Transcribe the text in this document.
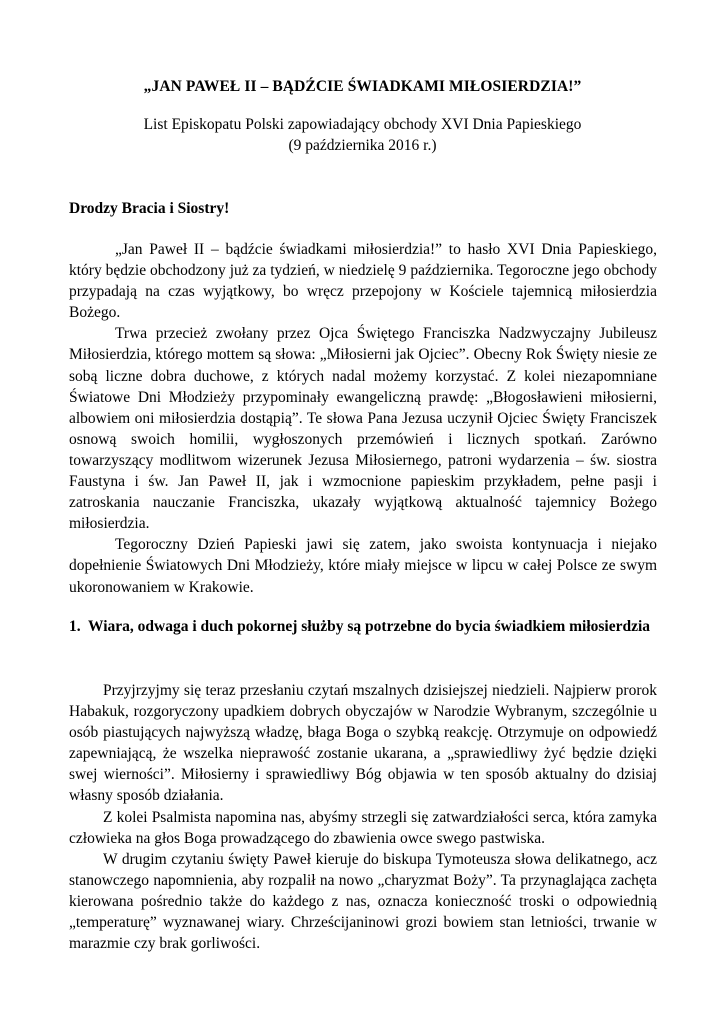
„JAN PAWEŁ II – BĄDŹCIE ŚWIADKAMI MIŁOSIERDZIA!”
List Episkopatu Polski zapowiadający obchody XVI Dnia Papieskiego
(9 października 2016 r.)
Drodzy Bracia i Siostry!

„Jan Paweł II – bądźcie świadkami miłosierdzia!” to hasło XVI Dnia Papieskiego, który będzie obchodzony już za tydzień, w niedzielę 9 października. Tegoroczne jego obchody przypadają na czas wyjątkowy, bo wręcz przepojony w Kościele tajemnicą miłosierdzia Bożego.

Trwa przecież zwołany przez Ojca Świętego Franciszka Nadzwyczajny Jubileusz Miłosierdzia, którego mottem są słowa: „Miłosierni jak Ojciec”. Obecny Rok Święty niesie ze sobą liczne dobra duchowe, z których nadal możemy korzystać. Z kolei niezapomniane Światowe Dni Młodzieży przypominały ewangeliczną prawdę: „Błogosławieni miłosierni, albowiem oni miłosierdzia dostąpią”. Te słowa Pana Jezusa uczynił Ojciec Święty Franciszek osnową swoich homilii, wygłoszonych przemówień i licznych spotkań. Zarówno towarzyszący modlitwom wizerunek Jezusa Miłosiernego, patroni wydarzenia – św. siostra Faustyna i św. Jan Paweł II, jak i wzmocnione papieskim przykładem, pełne pasji i zatroskania nauczanie Franciszka, ukazały wyjątkową aktualność tajemnicy Bożego miłosierdzia.

Tegoroczny Dzień Papieski jawi się zatem, jako swoista kontynuacja i niejako dopełnienie Światowych Dni Młodzieży, które miały miejsce w lipcu w całej Polsce ze swym ukoronowaniem w Krakowie.

1. Wiara, odwaga i duch pokornej służby są potrzebne do bycia świadkiem miłosierdzia

Przyjrzyjmy się teraz przesłaniu czytań mszalnych dzisiejszej niedzieli. Najpierw prorok Habakuk, rozgoryczony upadkiem dobrych obyczajów w Narodzie Wybranym, szczególnie u osób piastujących najwyższą władzę, błaga Boga o szybką reakcję. Otrzymuje on odpowiedź zapewniającą, że wszelka nieprawość zostanie ukarana, a „sprawiedliwy żyć będzie dzięki swej wierności”. Miłosierny i sprawiedliwy Bóg objawia w ten sposób aktualny do dzisiaj własny sposób działania.

Z kolei Psalmista napomina nas, abyśmy strzegli się zatwardziałości serca, która zamyka człowieka na głos Boga prowadzącego do zbawienia owce swego pastwiska.

W drugim czytaniu święty Paweł kieruje do biskupa Tymoteusza słowa delikatnego, acz stanowczego napomnienia, aby rozpalił na nowo „charyzmat Boży”. Ta przynaglająca zachęta kierowana pośrednio także do każdego z nas, oznacza konieczność troski o odpowiednią „temperaturę” wyznawanej wiary. Chrześcijaninowi grozi bowiem stan letniości, trwanie w marazmie czy brak gorliwości.
